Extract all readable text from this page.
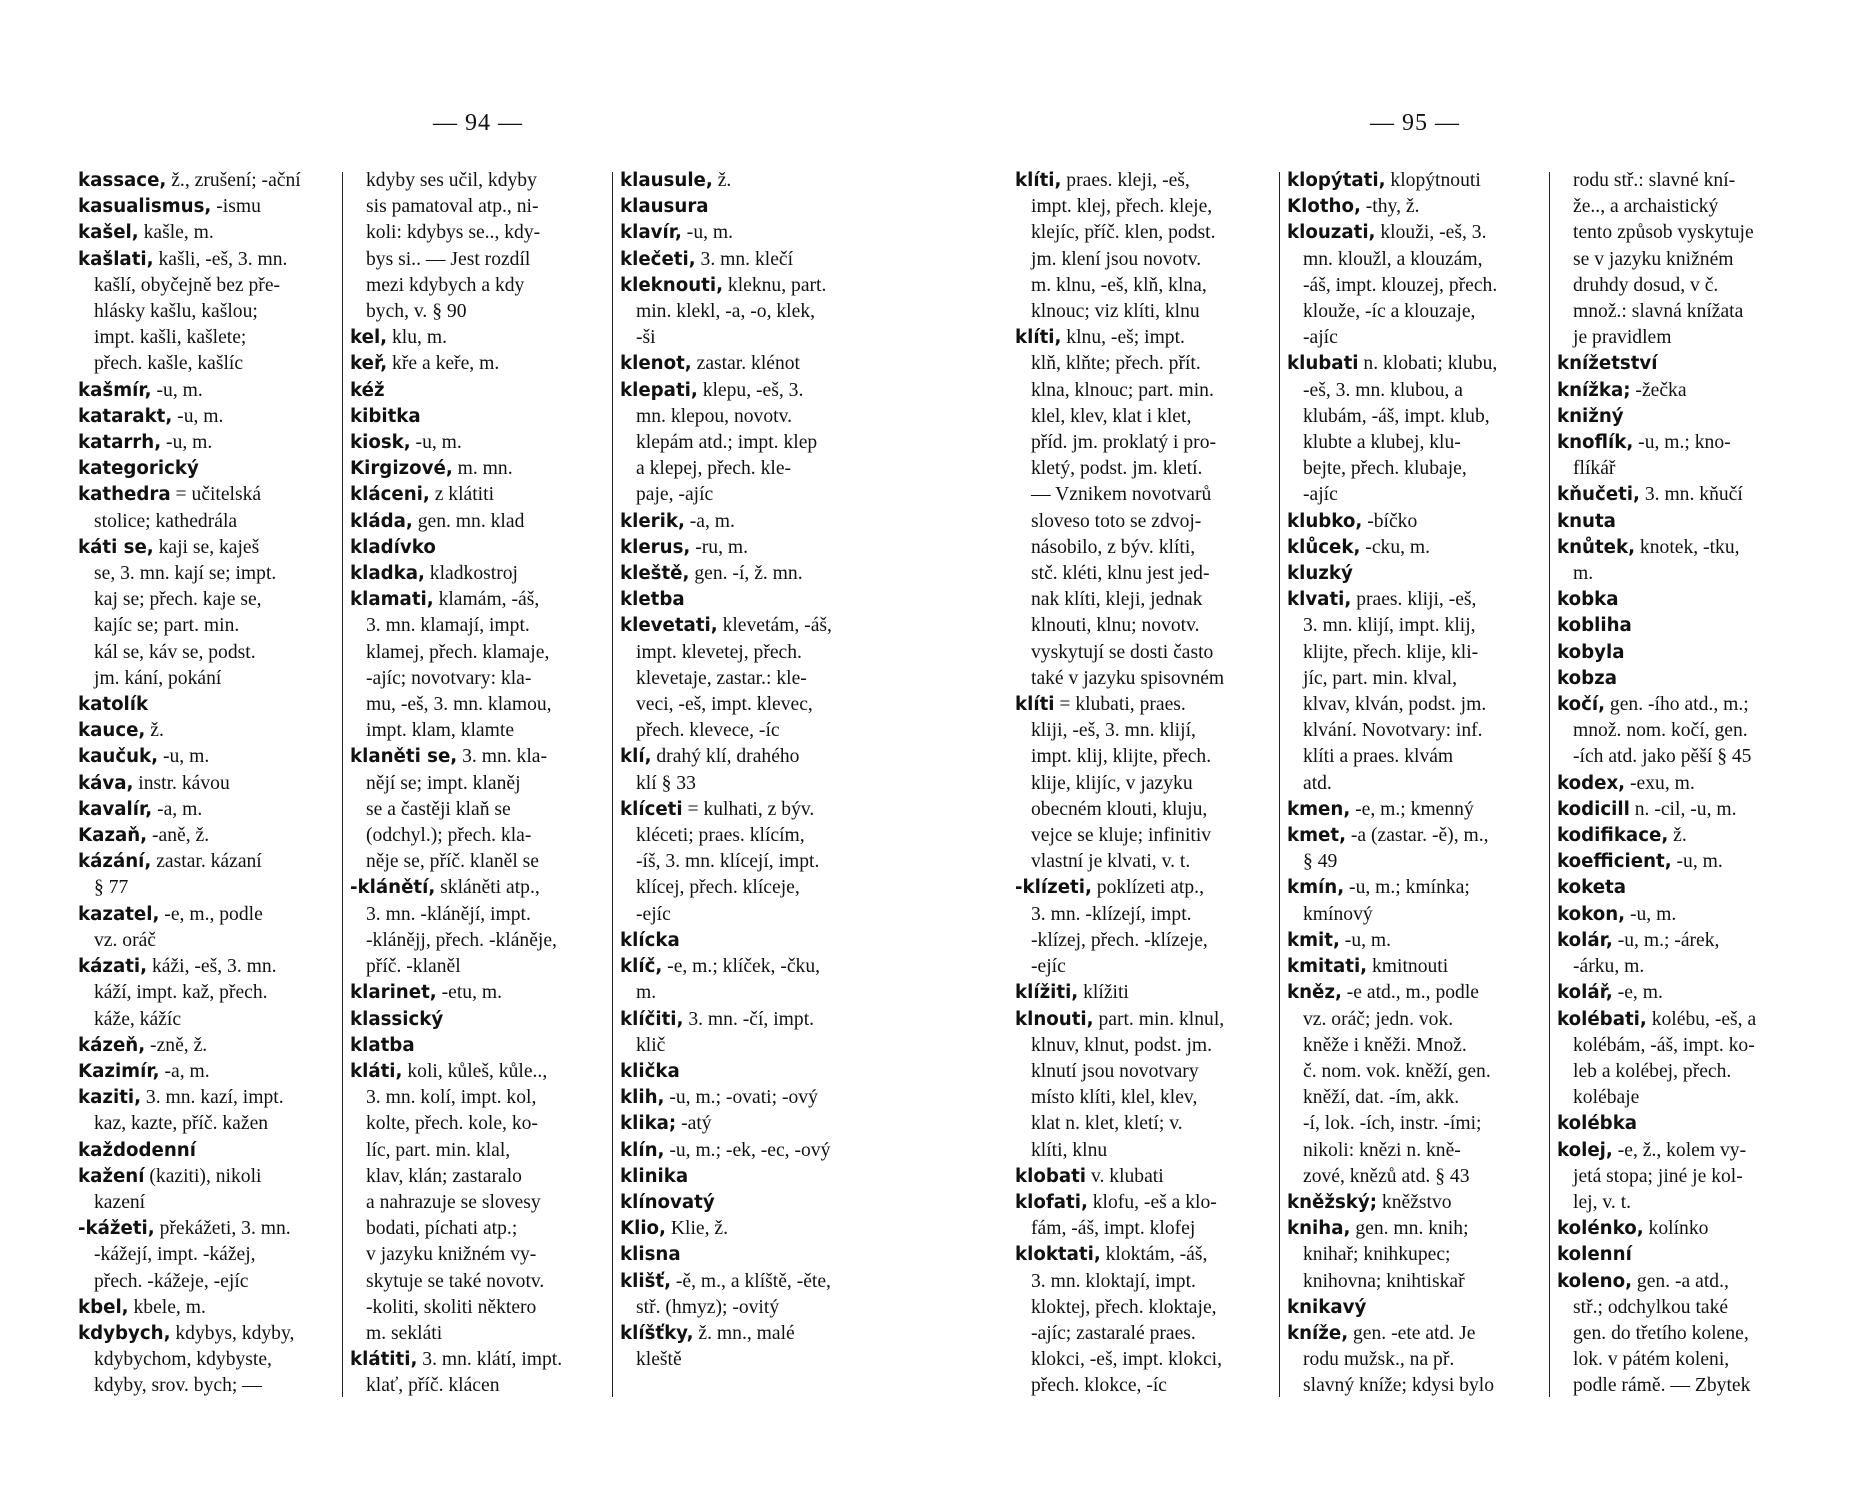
— 94 —
kassace, ž., zrušení; -ační
kasualismus, -ismu
kašel, kašle, m.
kašlati, kašli, -eš, 3. mn.
kašlí, obyčejně bez pře-
hlásky kašlu, kašlou;
impt. kašli, kašlete;
přech. kašle, kašlíc
kašmír, -u, m.
katarakt, -u, m.
katarrh, -u, m.
kategorický
kathedra = učitelská
stolice; kathedrála
káti se, kaji se, kaješ
se, 3. mn. kají se; impt.
kaj se; přech. kaje se,
kajíc se; part. min.
kál se, káv se, podst.
jm. kání, pokání
katolík
kauce, ž.
kaučuk, -u, m.
káva, instr. kávou
kavalír, -a, m.
Kazaň, -aně, ž.
kázání, zastar. kázaní
§ 77
kazatel, -e, m., podle
vz. oráč
kázati, káži, -eš, 3. mn.
káží, impt. kaž, přech.
káže, kážíc
kázeň, -zně, ž.
Kazimír, -a, m.
kaziti, 3. mn. kazí, impt.
kaz, kazte, příč. kažen
každodenní
kažení (kaziti), nikoli
kazení
-kážeti, překážeti, 3. mn.
-kážejí, impt. -kážej,
přech. -kážeje, -ejíc
kbel, kbele, m.
kdybych, kdybys, kdyby,
kdybychom, kdybyste,
kdyby, srov. bych; —
kdyby ses učil, kdyby
sis pamatoval atp., ni-
koli: kdybys se.., kdy-
bys si.. — Jest rozdíl
mezi kdybych a kdy
bych, v. § 90
kel, klu, m.
keř, kře a keře, m.
kéž
kibitka
kiosk, -u, m.
Kirgizové, m. mn.
kláceni, z klátiti
kláda, gen. mn. klad
kladívko
kladka, kladkostroj
klamati, klamám, -áš,
3. mn. klamají, impt.
klamej, přech. klamaje,
-ajíc; novotvary: kla-
mu, -eš, 3. mn. klamou,
impt. klam, klamte
klaněti se, 3. mn. kla-
nějí se; impt. klaněj
se a častěji klaň se
(odchyl.); přech. kla-
něje se, příč. klaněl se
-klánětí, skláněti atp.,
3. mn. -klánějí, impt.
-klánějj, přech. -kláněje,
příč. -klaněl
klarinet, -etu, m.
klassický
klatba
kláti, koli, kůleš, kůle..,
3. mn. kolí, impt. kol,
kolte, přech. kole, ko-
líc, part. min. klal,
klav, klán; zastaralo
a nahrazuje se slovesy
bodati, píchati atp.;
v jazyku knižném vy-
skytuje se také novotv.
-koliti, skoliti některo
m. sekláti
klátiti, 3. mn. klátí, impt.
klať, příč. klácen
klausule, ž.
klausura
klavír, -u, m.
klečeti, 3. mn. klečí
kleknouti, kleknu, part.
min. klekl, -a, -o, klek,
-ši
klenot, zastar. klénot
klepati, klepu, -eš, 3.
mn. klepou, novotv.
klepám atd.; impt. klep
a klepej, přech. kle-
paje, -ajíc
klerik, -a, m.
klerus, -ru, m.
kleště, gen. -í, ž. mn.
kletba
klevetati, klevetám, -áš,
impt. klevetej, přech.
klevetaje, zastar.: kle-
veci, -eš, impt. klevec,
přech. klevece, -íc
klí, drahý klí, drahého
klí § 33
klíceti = kulhati, z býv.
kléceti; praes. klícím,
-íš, 3. mn. klícejí, impt.
klícej, přech. klíceje,
-ejíc
klícka
klíč, -e, m.; klíček, -čku,
m.
klíčiti, 3. mn. -čí, impt.
klič
klička
klih, -u, m.; -ovati; -ový
klika; -atý
klín, -u, m.; -ek, -ec, -ový
klinika
klínovatý
Klio, Klie, ž.
klisna
klišť, -ě, m., a klíště, -ěte,
stř. (hmyz); -ovitý
klíšťky, ž. mn., malé
kleště
— 95 —
klíti, praes. kleji, -eš,
impt. klej, přech. kleje,
klejíc, příč. klen, podst.
jm. klení jsou novotv.
m. klnu, -eš, klň, klna,
klnouc; viz klíti, klnu
klíti, klnu, -eš; impt.
klň, klňte; přech. přít.
klna, klnouc; part. min.
klel, klev, klat i klet,
příd. jm. proklatý i pro-
kletý, podst. jm. kletí.
— Vznikem novotvarů
sloveso toto se zdvoj-
násobilo, z býv. klíti,
stč. kléti, klnu jest jed-
nak klíti, kleji, jednak
klnouti, klnu; novotv.
vyskytují se dosti často
také v jazyku spisovném
klíti = klubati, praes.
kliji, -eš, 3. mn. klijí,
impt. klij, klijte, přech.
klije, klijíc, v jazyku
obecném klouti, kluju,
vejce se kluje; infinitiv
vlastní je klvati, v. t.
-klízeti, poklízeti atp.,
3. mn. -klízejí, impt.
-klízej, přech. -klízeje,
-ejíc
klížiti, klížiti
klnouti, part. min. klnul,
klnuv, klnut, podst. jm.
klnutí jsou novotvary
místo klíti, klel, klev,
klat n. klet, kletí; v.
klíti, klnu
klobati v. klubati
klofati, klofu, -eš a klo-
fám, -áš, impt. klofej
kloktati, kloktám, -áš,
3. mn. kloktají, impt.
kloktej, přech. kloktaje,
-ajíc; zastaralé praes.
klokci, -eš, impt. klokci,
přech. klokce, -íc
klopýtati, klopýtnouti
Klotho, -thy, ž.
klouzati, klouži, -eš, 3.
mn. kloužl, a klouzám,
-áš, impt. klouzej, přech.
klouže, -íc a klouzaje,
-ajíc
klubati n. klobati; klubu,
-eš, 3. mn. klubou, a
klubám, -áš, impt. klub,
klubte a klubej, klu-
bejte, přech. klubaje,
-ajíc
klubko, -bíčko
klůcek, -cku, m.
kluzký
klvati, praes. kliji, -eš,
3. mn. klijí, impt. klij,
klijte, přech. klije, kli-
jíc, part. min. klval,
klvav, klván, podst. jm.
klvání. Novotvary: inf.
klíti a praes. klvám
atd.
kmen, -e, m.; kmenný
kmet, -a (zastar. -ě), m.,
§ 49
kmín, -u, m.; kmínka;
kmínový
kmit, -u, m.
kmitati, kmitnouti
kněz, -e atd., m., podle
vz. oráč; jedn. vok.
kněže i kněži. Množ.
č. nom. vok. kněží, gen.
kněží, dat. -ím, akk.
-í, lok. -ích, instr. -ími;
nikoli: knězi n. kně-
zové, knězů atd. § 43
kněžský; kněžstvo
kniha, gen. mn. knih;
knihař; knihkupec;
knihovna; knihtiskař
knikavý
kníže, gen. -ete atd. Je
rodu mužsk., na př.
slavný kníže; kdysi bylo
rodu stř.: slavné kní-
že.., a archaistický
tento způsob vyskytuje
se v jazyku knižném
druhdy dosud, v č.
množ.: slavná knížata
je pravidlem
knížetství
knížka; -žečka
knižný
knoflík, -u, m.; kno-
flíkář
kňučeti, 3. mn. kňučí
knuta
knůtek, knotek, -tku,
m.
kobka
kobliha
kobyla
kobza
kočí, gen. -ího atd., m.;
množ. nom. kočí, gen.
-ích atd. jako pěší § 45
kodex, -exu, m.
kodicill n. -cil, -u, m.
kodifikace, ž.
koefficient, -u, m.
koketa
kokon, -u, m.
kolár, -u, m.; -árek,
-árku, m.
kolář, -e, m.
kolébati, kolébu, -eš, a
kolébám, -áš, impt. ko-
leb a kolébej, přech.
kolébaje
kolébka
kolej, -e, ž., kolem vy-
jetá stopa; jiné je kol-
lej, v. t.
kolénko, kolínko
kolenní
koleno, gen. -a atd.,
stř.; odchylkou také
gen. do třetího kolene,
lok. v pátém koleni,
podle rámě. — Zbytek
